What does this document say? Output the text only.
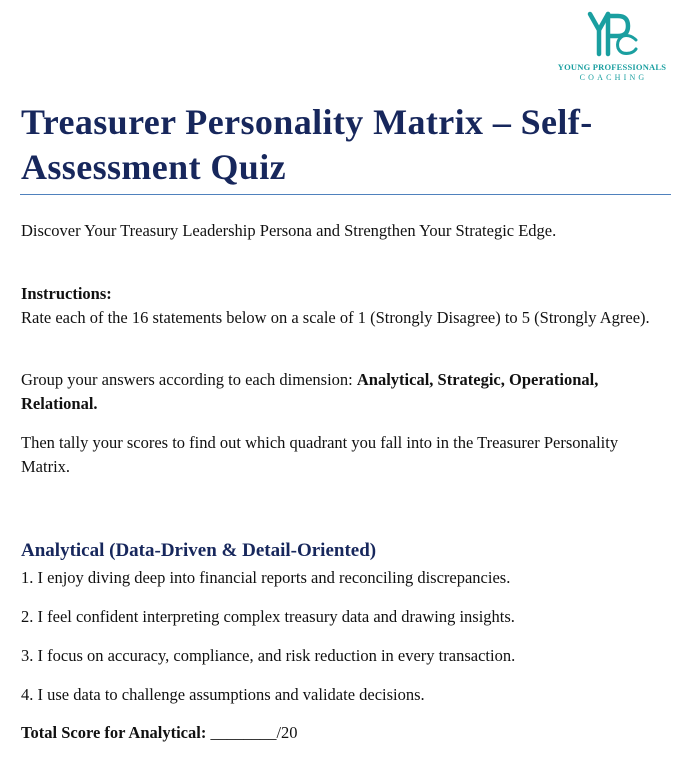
YOUNG PROFESSIONALS
COACHING
Treasurer Personality Matrix – Self-
Assessment Quiz

Discover Your Treasury Leadership Persona and Strengthen Your Strategic Edge.

Instructions:

Rate each of the 16 statements below on a scale of 1 (Strongly Disagree) to 5 (Strongly Agree).

Group your answers according to each dimension: Analytical, Strategic, Operational, Relational.

Then tally your scores to find out which quadrant you fall into in the Treasurer Personality Matrix.

Analytical (Data-Driven & Detail-Oriented)
1. I enjoy diving deep into financial reports and reconciling discrepancies.
2. I feel confident interpreting complex treasury data and drawing insights.
3. I focus on accuracy, compliance, and risk reduction in every transaction.
4. I use data to challenge assumptions and validate decisions.
Total Score for Analytical: ________/20
